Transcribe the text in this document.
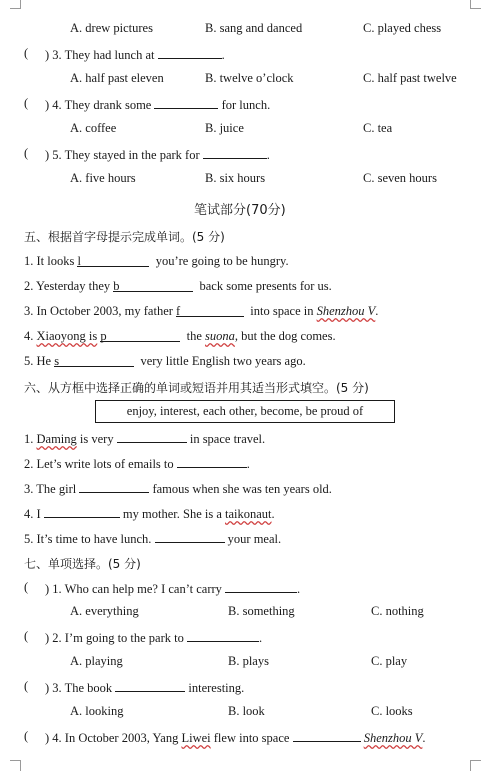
A. drew pictures	B. sang and danced	C. played chess
( ) 3. They had lunch at	.
A. half past eleven	B. twelve o’clock	C. half past twelve
( ) 4. They drank some	for lunch.
A. coffee	B. juice	C. tea
( ) 5. They stayed in the park for	.
A. five hours	B. six hours	C. seven hours
笔试部分(70分)
五、根据首字母提示完成单词。(5 分)
1. It looks l	you’re going to be hungry.
2. Yesterday they b	back some presents for us.
3. In October 2003, my father f	into space in Shenzhou V.
4. Xiaoyong is p	the suona, but the dog comes.
5. He s	very little English two years ago.
六、从方框中选择正确的单词或短语并用其适当形式填空。(5 分)
enjoy, interest, each other, become, be proud of
1. Daming is very	in space travel.
2. Let’s write lots of emails to	.
3. The girl	famous when she was ten years old.
4. I	my mother. She is a taikonaut.
5. It’s time to have lunch.	your meal.
七、单项选择。(5 分)
( ) 1. Who can help me? I can’t carry	.
A. everything	B. something	C. nothing
( ) 2. I’m going to the park to	.
A. playing	B. plays	C. play
( ) 3. The book	interesting.
A. looking	B. look	C. looks
( ) 4. In October 2003, Yang Liwei flew into space	Shenzhou V.
